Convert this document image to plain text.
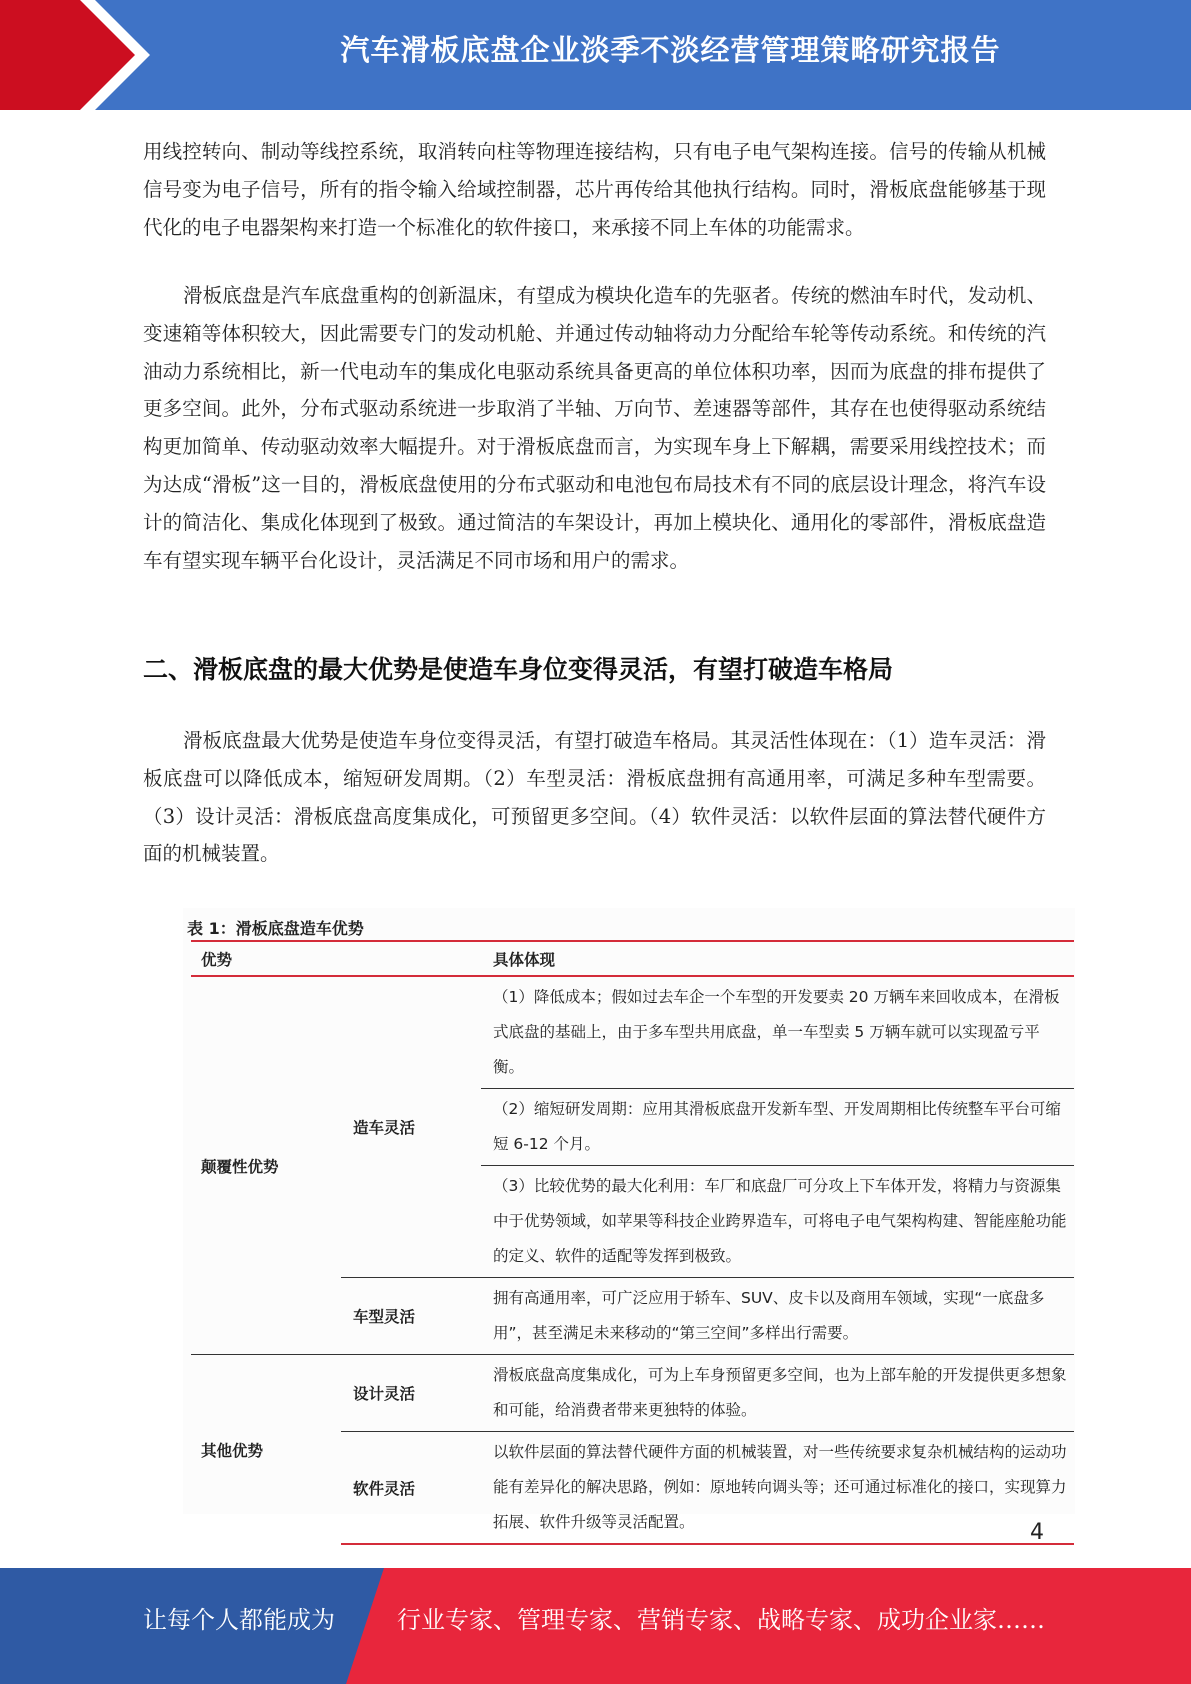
汽车滑板底盘企业淡季不淡经营管理策略研究报告

用线控转向、制动等线控系统，取消转向柱等物理连接结构，只有电子电气架构连接。信号的传输从机械信号变为电子信号，所有的指令输入给域控制器，芯片再传给其他执行结构。同时，滑板底盘能够基于现代化的电子电器架构来打造一个标准化的软件接口，来承接不同上车体的功能需求。

滑板底盘是汽车底盘重构的创新温床，有望成为模块化造车的先驱者。传统的燃油车时代，发动机、变速箱等体积较大，因此需要专门的发动机舱、并通过传动轴将动力分配给车轮等传动系统。和传统的汽油动力系统相比，新一代电动车的集成化电驱动系统具备更高的单位体积功率，因而为底盘的排布提供了更多空间。此外，分布式驱动系统进一步取消了半轴、万向节、差速器等部件，其存在也使得驱动系统结构更加简单、传动驱动效率大幅提升。对于滑板底盘而言，为实现车身上下解耦，需要采用线控技术；而为达成“滑板”这一目的，滑板底盘使用的分布式驱动和电池包布局技术有不同的底层设计理念，将汽车设计的简洁化、集成化体现到了极致。通过简洁的车架设计，再加上模块化、通用化的零部件，滑板底盘造车有望实现车辆平台化设计，灵活满足不同市场和用户的需求。

二、滑板底盘的最大优势是使造车身位变得灵活，有望打破造车格局

滑板底盘最大优势是使造车身位变得灵活，有望打破造车格局。其灵活性体现在：（1）造车灵活：滑板底盘可以降低成本，缩短研发周期。（2）车型灵活：滑板底盘拥有高通用率，可满足多种车型需要。（3）设计灵活：滑板底盘高度集成化，可预留更多空间。（4）软件灵活：以软件层面的算法替代硬件方面的机械装置。

表 1：滑板底盘造车优势
优势		具体体现
颠覆性优势	造车灵活	（1）降低成本；假如过去车企一个车型的开发要卖 20 万辆车来回收成本，在滑板式底盘的基础上，由于多车型共用底盘，单一车型卖 5 万辆车就可以实现盈亏平衡。
		（2）缩短研发周期：应用其滑板底盘开发新车型、开发周期相比传统整车平台可缩短 6-12 个月。
		（3）比较优势的最大化利用：车厂和底盘厂可分攻上下车体开发，将精力与资源集中于优势领域，如苹果等科技企业跨界造车，可将电子电气架构构建、智能座舱功能的定义、软件的适配等发挥到极致。
	车型灵活	拥有高通用率，可广泛应用于轿车、SUV、皮卡以及商用车领域，实现“一底盘多用”，甚至满足未来移动的“第三空间”多样出行需要。
其他优势	设计灵活	滑板底盘高度集成化，可为上车身预留更多空间，也为上部车舱的开发提供更多想象和可能，给消费者带来更独特的体验。
	软件灵活	以软件层面的算法替代硬件方面的机械装置，对一些传统要求复杂机械结构的运动功能有差异化的解决思路，例如：原地转向调头等；还可通过标准化的接口，实现算力拓展、软件升级等灵活配置。	4
让每个人都能成为	行业专家、管理专家、营销专家、战略专家、成功企业家……
